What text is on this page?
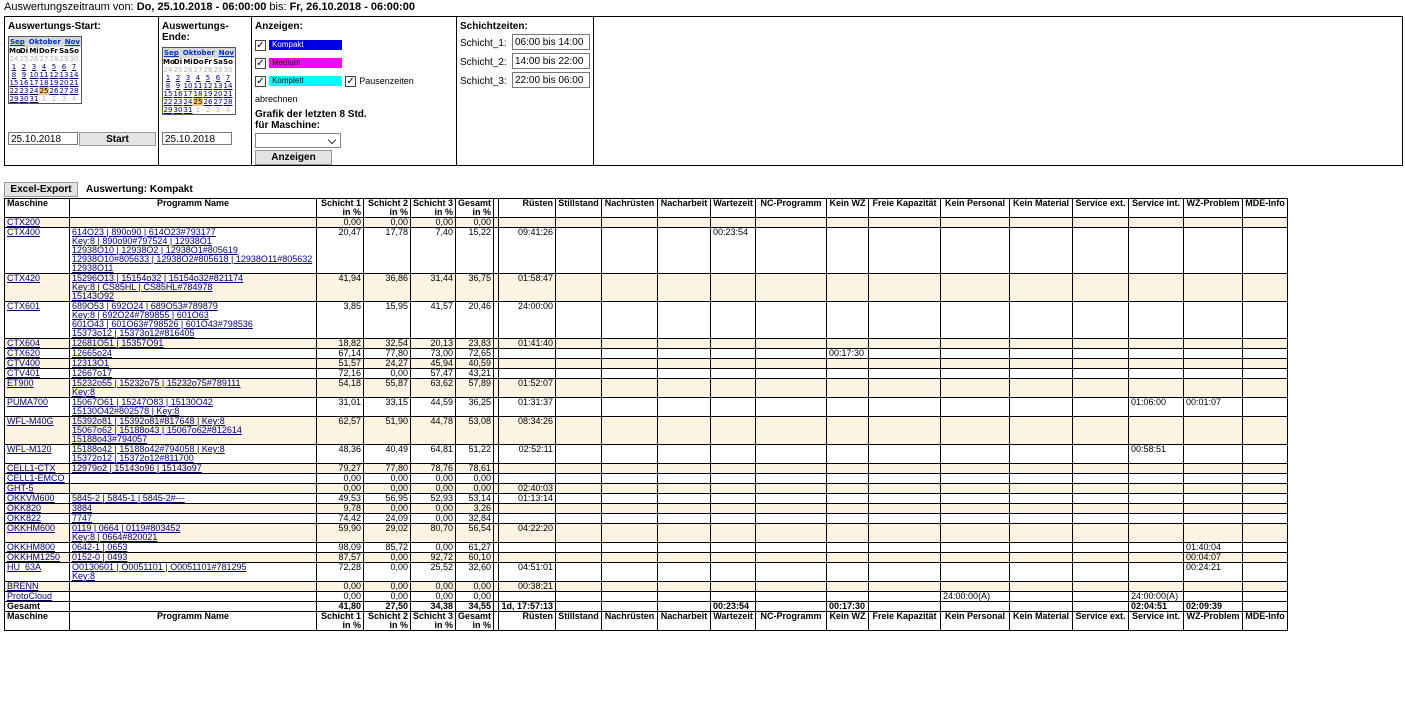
Auswertungszeitraum von: Do, 25.10.2018 - 06:00:00 bis: Fr, 26.10.2018 - 06:00:00
Auswertungs-Start:
Sep Oktober Nov
Mo Di Mi Do Fr Sa So
24 25 26 27 28 29 30
1 2 3 4 5 6 7
8 9 10 11 12 13 14
15 16 17 18 19 20 21
22 23 24 25 26 27 28
29 30 31 1 2 3 4
25.10.2018	Start
Auswertungs-Ende:
Sep Oktober Nov
Mo Di Mi Do Fr Sa So
24 25 26 27 28 29 30
1 2 3 4 5 6 7
8 9 10 11 12 13 14
15 16 17 18 19 20 21
22 23 24 25 26 27 28
29 30 31 1 2 3 4
25.10.2018
Anzeigen:
✓ Kompakt
✓ Medium
✓ Komplett	✓ Pausenzeiten abrechnen
Grafik der letzten 8 Std.
für Maschine:
Anzeigen
Schichtzeiten:
Schicht_1: 06:00 bis 14:00
Schicht_2: 14:00 bis 22:00
Schicht_3: 22:00 bis 06:00
Excel-Export	Auswertung: Kompakt
Maschine	Programm Name	Schicht 1 in %	Schicht 2 in %	Schicht 3 in %	Gesamt in %		Rüsten	Stillstand	Nachrüsten	Nacharbeit	Wartezeit	NC-Programm	Kein WZ	Freie Kapazität	Kein Personal	Kein Material	Service ext.	Service int.	WZ-Problem	MDE-Info
CTX200		0,00	0,00	0,00	0,00															
CTX400	614O23 | 890o90 | 614O23#793177
Key:8 | 890o90#797524 | 12938O1
12938O10 | 12938O2 | 12938O1#805619
12938O10#805633 | 12938O2#805618 | 12938O11#805632
12938O11	20,47	17,78	7,40	15,22		09:41:26				00:23:54									
CTX420	15296O13 | 15154o32 | 15154o32#821174
Key:8 | CS85HL | CS85HL#784978
15143O92	41,94	36,86	31,44	36,75		01:58:47													
CTX601	689O53 | 692O24 | 689O53#789879
Key:8 | 692O24#789855 | 601O63
601O43 | 601O63#798526 | 601O43#798536
15373o12 | 15373o12#816405	3,85	15,95	41,57	20,46		24:00:00													
CTX604	12681O51 | 15357O91	18,82	32,54	20,13	23,83		01:41:40													
CTX620	12665o24	67,14	77,80	73,00	72,65								00:17:30							
CTV400	12313O1	51,57	24,27	45,94	40,59															
CTV401	12667o17	72,16	0,00	57,47	43,21															
ET900	15232o55 | 15232o75 | 15232o75#789111
Key:8	54,18	55,87	63,62	57,89		01:52:07													
PUMA700	15067O61 | 15247O83 | 15130O42
15130O42#802578 | Key:8	31,01	33,15	44,59	36,25		01:31:37											01:06:00	00:01:07	
WFL-M40G	15392o81 | 15392o81#817648 | Key:8
15067o62 | 15188o43 | 15067o62#812614
15188o43#794057	62,57	51,90	44,78	53,08		08:34:26													
WFL-M120	15188o42 | 15188o42#794058 | Key:8
15372o12 | 15372o12#811700	48,36	40,49	64,81	51,22		02:52:11											00:58:51		
CELL1-CTX	12979o2 | 15143o96 | 15143o97	79,27	77,80	78,76	78,61															
CELL1-EMCO		0,00	0,00	0,00	0,00															
GHT-5		0,00	0,00	0,00	0,00		02:40:03													
OKKVM600	5845-2 | 5845-1 | 5845-2#---	49,53	56,95	52,93	53,14		01:13:14													
OKK820	3884	9,78	0,00	0,00	3,26															
OKK822	7747	74,42	24,09	0,00	32,84															
OKKHM600	0119 | 0664 | 0119#803452
Key:8 | 0664#820021	59,90	29,02	80,70	56,54		04:22:20													
OKKHM800	0642-1 | 0653	98,09	85,72	0,00	61,27														01:40:04	
OKKHM1250	0152-0 | 0493	87,57	0,00	92,72	60,10														00:04:07	
HU_63A	O0130601 | O0051101 | O0051101#781295
Key:8	72,28	0,00	25,52	32,60		04:51:01												00:24:21	
BRENN		0,00	0,00	0,00	0,00		00:38:21													
ProtoCloud		0,00	0,00	0,00	0,00										24:00:00(A)			24:00:00(A)		
Gesamt		41,80	27,50	34,38	34,55		1d, 17:57:13				00:23:54		00:17:30					02:04:51	02:09:39	
Maschine	Programm Name	Schicht 1 in %	Schicht 2 in %	Schicht 3 in %	Gesamt in %		Rüsten	Stillstand	Nachrüsten	Nacharbeit	Wartezeit	NC-Programm	Kein WZ	Freie Kapazität	Kein Personal	Kein Material	Service ext.	Service int.	WZ-Problem	MDE-Info
